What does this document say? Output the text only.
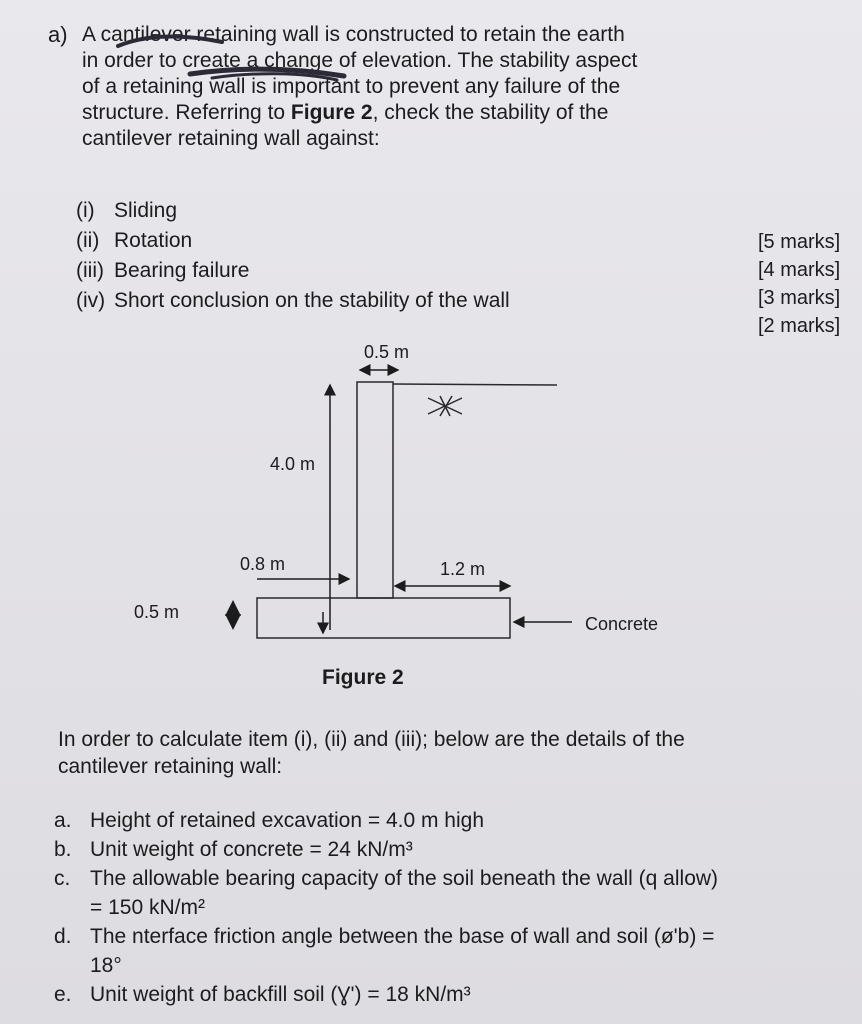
a) A cantilever retaining wall is constructed to retain the earth
in order to create a change of elevation. The stability aspect
of a retaining wall is important to prevent any failure of the
structure. Referring to Figure 2, check the stability of the
cantilever retaining wall against:
(i) Sliding
(ii) Rotation
(iii) Bearing failure
(iv) Short conclusion on the stability of the wall
[5 marks]
[4 marks]
[3 marks]
[2 marks]
0.5 m
4.0 m
0.8 m	1.2 m
0.5 m
Concrete
Figure 2
In order to calculate item (i), (ii) and (iii); below are the details of the cantilever retaining wall:
a. Height of retained excavation = 4.0 m high
b. Unit weight of concrete = 24 kN/m³
c. The allowable bearing capacity of the soil beneath the wall (q allow) = 150 kN/m²
d. The nterface friction angle between the base of wall and soil (ø'b) = 18°
e. Unit weight of backfill soil (Ɣ') = 18 kN/m³
